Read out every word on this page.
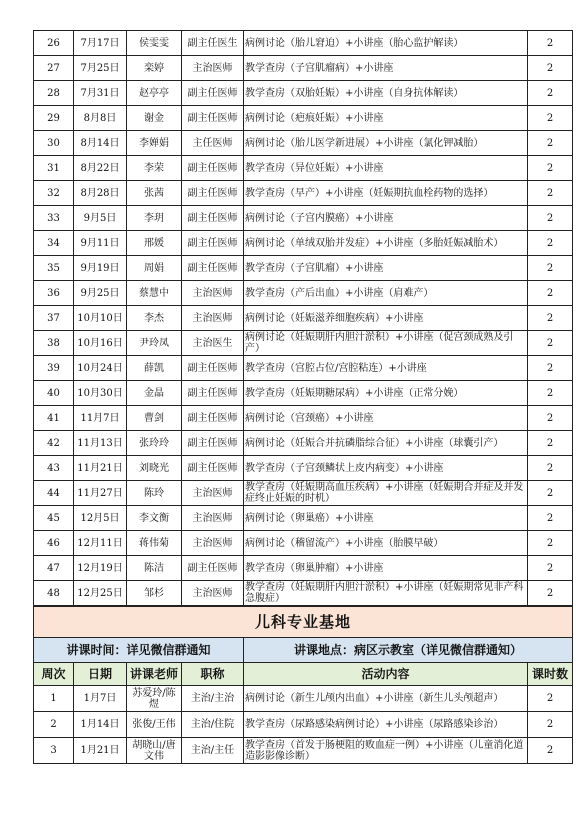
26	7月17日	侯雯雯	副主任医生	病例讨论（胎儿窘迫）+小讲座（胎心监护解读）	2
27	7月25日	栾婷	主治医师	教学查房（子宫肌瘤病）+小讲座	2
28	7月31日	赵亭亭	副主任医师	教学查房（双胎妊娠）+小讲座（自身抗体解读）	2
29	8月8日	谢金	副主任医师	病例讨论（疤痕妊娠）+小讲座	2
30	8月14日	李婵娟	主任医师	病例讨论（胎儿医学新进展）+小讲座（氯化钾减胎）	2
31	8月22日	李荣	副主任医师	教学查房（异位妊娠）+小讲座	2
32	8月28日	张茜	副主任医师	教学查房（早产）+小讲座（妊娠期抗血栓药物的选择）	2
33	9月5日	李玥	副主任医师	病例讨论（子宫内膜癌）+小讲座	2
34	9月11日	邢媛	副主任医师	病例讨论（单绒双胎并发症）+小讲座（多胎妊娠减胎术）	2
35	9月19日	周娟	副主任医师	教学查房（子宫肌瘤）+小讲座	2
36	9月25日	蔡慧中	主治医师	教学查房（产后出血）+小讲座（肩难产）	2
37	10月10日	李杰	主治医师	病例讨论（妊娠滋养细胞疾病）+小讲座	2
38	10月16日	尹玲凤	主治医生	病例讨论（妊娠期肝内胆汁淤积）+小讲座（促宫颈成熟及引产）	2
39	10月24日	薛凯	副主任医师	教学查房（宫腔占位/宫腔粘连）+小讲座	2
40	10月30日	金晶	副主任医师	教学查房（妊娠期糖尿病）+小讲座（正常分娩）	2
41	11月7日	曹剑	副主任医师	病例讨论（宫颈癌）+小讲座	2
42	11月13日	张玲玲	副主任医师	病例讨论（妊娠合并抗磷脂综合征）+小讲座（球囊引产）	2
43	11月21日	刘晓光	副主任医师	教学查房（子宫颈鳞状上皮内病变）+小讲座	2
44	11月27日	陈玲	主治医师	教学查房（妊娠期高血压疾病）+小讲座（妊娠期合并症及并发症终止妊娠的时机）	2
45	12月5日	李文衡	主治医师	病例讨论（卵巢癌）+小讲座	2
46	12月11日	蒋伟菊	主治医师	病例讨论（稽留流产）+小讲座（胎膜早破）	2
47	12月19日	陈洁	副主任医师	教学查房（卵巢肿瘤）+小讲座	2
48	12月25日	邹杉	主治医师	教学查房（妊娠期肝内胆汁淤积）+小讲座（妊娠期常见非产科急腹症）	2
儿科专业基地					
讲课时间：详见微信群通知				讲课地点：病区示教室（详见微信群通知）	
周次	日期	讲课老师	职称	活动内容	课时数
1	1月7日	苏爱玲/陈煜	主治/主治	病例讨论（新生儿颅内出血）+小讲座（新生儿头颅超声）	2
2	1月14日	张俊/王伟	主治/住院	教学查房（尿路感染病例讨论）+小讲座（尿路感染诊治）	2
3	1月21日	胡晓山/唐文伟	主治/主任	教学查房（首发于肠梗阻的败血症一例）+小讲座（儿童消化道造影影像诊断）	2
